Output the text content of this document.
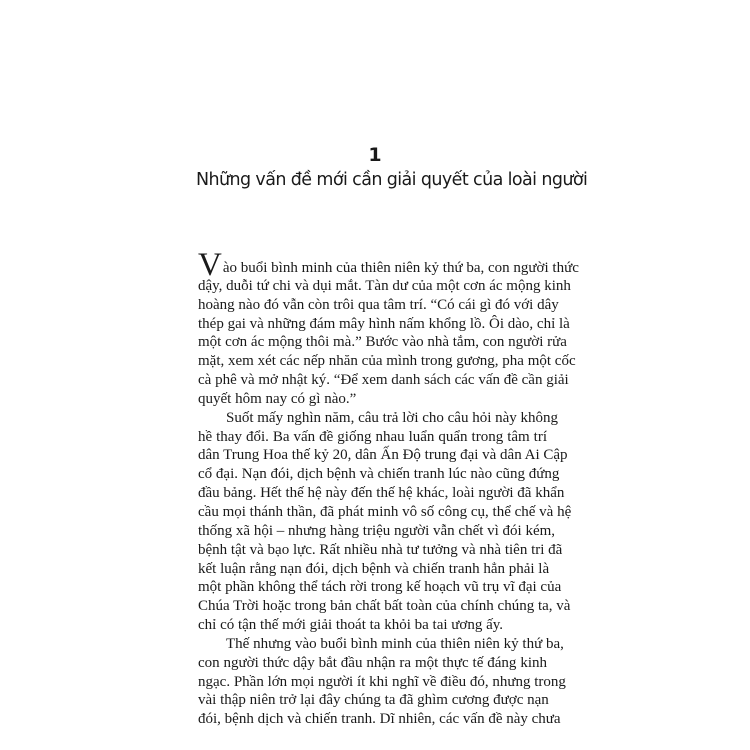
1
Những vấn đề mới cần giải quyết của loài người
Vào buổi bình minh của thiên niên kỷ thứ ba, con người thức
dậy, duỗi tứ chi và dụi mắt. Tàn dư của một cơn ác mộng kinh
hoàng nào đó vẫn còn trôi qua tâm trí. “Có cái gì đó với dây
thép gai và những đám mây hình nấm khổng lồ. Ôi dào, chỉ là
một cơn ác mộng thôi mà.” Bước vào nhà tắm, con người rửa
mặt, xem xét các nếp nhăn của mình trong gương, pha một cốc
cà phê và mở nhật ký. “Để xem danh sách các vấn đề cần giải
quyết hôm nay có gì nào.”
Suốt mấy nghìn năm, câu trả lời cho câu hỏi này không
hề thay đổi. Ba vấn đề giống nhau luẩn quẩn trong tâm trí
dân Trung Hoa thế kỷ 20, dân Ấn Độ trung đại và dân Ai Cập
cổ đại. Nạn đói, dịch bệnh và chiến tranh lúc nào cũng đứng
đầu bảng. Hết thế hệ này đến thế hệ khác, loài người đã khẩn
cầu mọi thánh thần, đã phát minh vô số công cụ, thể chế và hệ
thống xã hội – nhưng hàng triệu người vẫn chết vì đói kém,
bệnh tật và bạo lực. Rất nhiều nhà tư tưởng và nhà tiên tri đã
kết luận rằng nạn đói, dịch bệnh và chiến tranh hẳn phải là
một phần không thể tách rời trong kế hoạch vũ trụ vĩ đại của
Chúa Trời hoặc trong bản chất bất toàn của chính chúng ta, và
chỉ có tận thế mới giải thoát ta khỏi ba tai ương ấy.
Thế nhưng vào buổi bình minh của thiên niên kỷ thứ ba,
con người thức dậy bắt đầu nhận ra một thực tế đáng kinh
ngạc. Phần lớn mọi người ít khi nghĩ về điều đó, nhưng trong
vài thập niên trở lại đây chúng ta đã ghìm cương được nạn
đói, bệnh dịch và chiến tranh. Dĩ nhiên, các vấn đề này chưa
